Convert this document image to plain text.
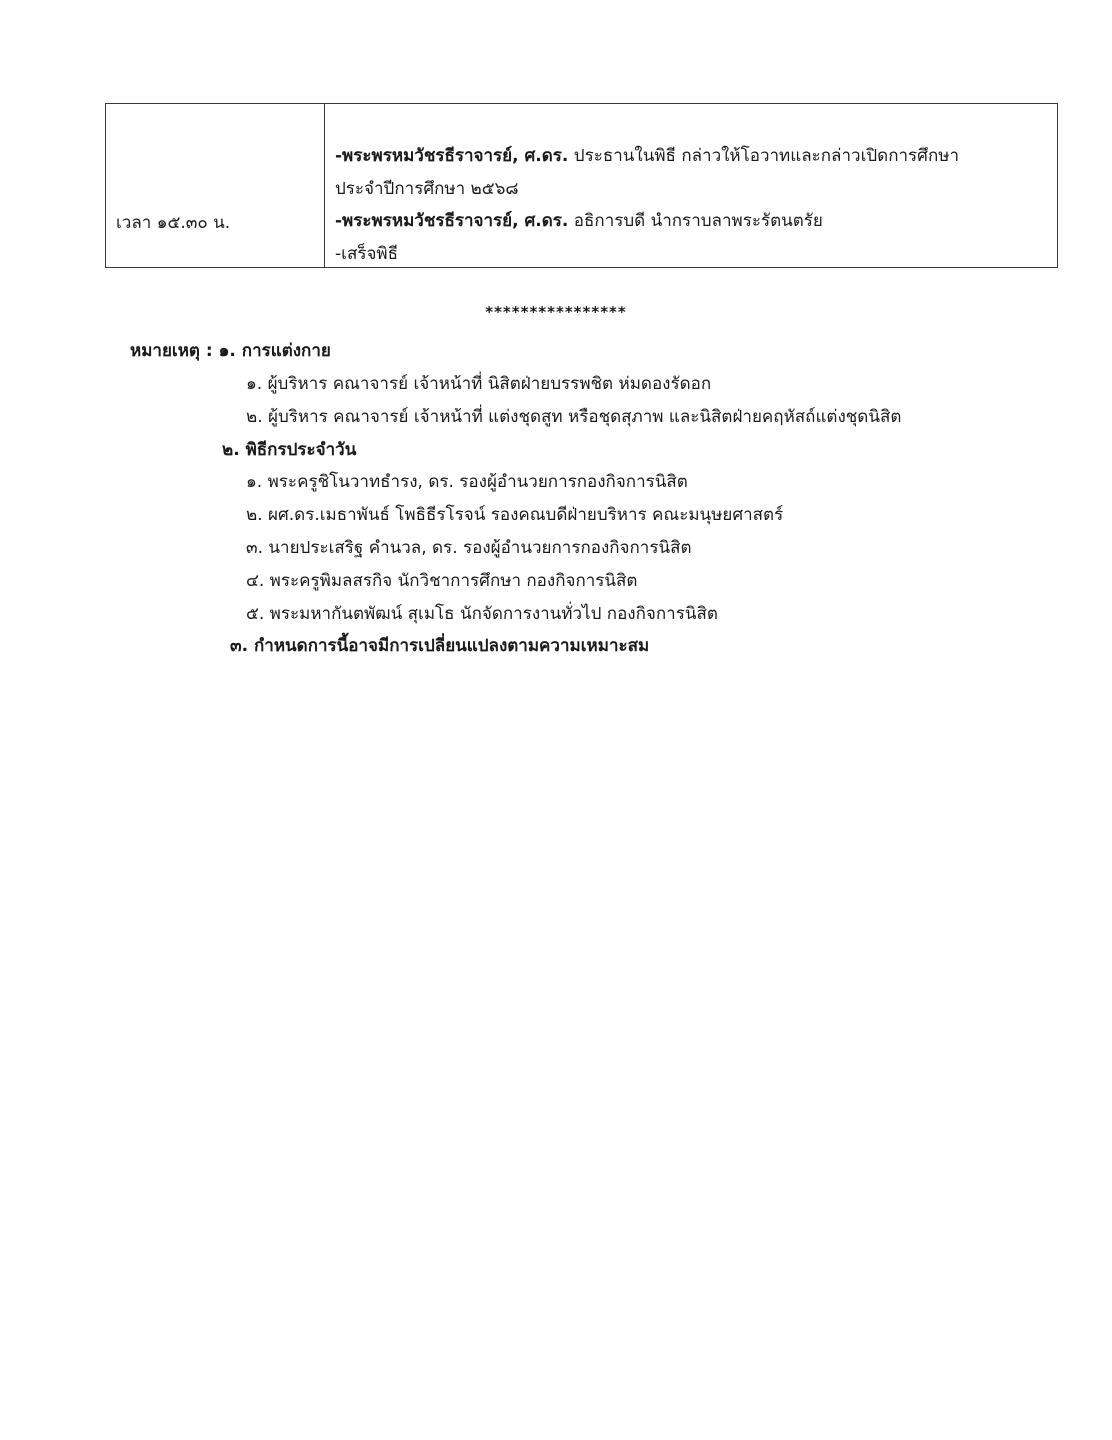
เวลา ๑๕.๓๐ น.
-พระพรหมวัชรธีราจารย์, ศ.ดร. ประธานในพิธี กล่าวให้โอวาทและกล่าวเปิดการศึกษา
ประจำปีการศึกษา ๒๕๖๘
-พระพรหมวัชรธีราจารย์, ศ.ดร. อธิการบดี นำกราบลาพระรัตนตรัย
-เสร็จพิธี
****************
หมายเหตุ : ๑. การแต่งกาย
๑. ผู้บริหาร คณาจารย์ เจ้าหน้าที่ นิสิตฝ่ายบรรพชิต ห่มดองรัดอก
๒. ผู้บริหาร คณาจารย์ เจ้าหน้าที่ แต่งชุดสูท หรือชุดสุภาพ และนิสิตฝ่ายคฤหัสถ์แต่งชุดนิสิต
๒. พิธีกรประจำวัน
๑. พระครูชิโนวาทธำรง, ดร. รองผู้อำนวยการกองกิจการนิสิต
๒. ผศ.ดร.เมธาพันธ์ โพธิธีรโรจน์ รองคณบดีฝ่ายบริหาร คณะมนุษยศาสตร์
๓. นายประเสริฐ คำนวล, ดร. รองผู้อำนวยการกองกิจการนิสิต
๔. พระครูพิมลสรกิจ นักวิชาการศึกษา กองกิจการนิสิต
๕. พระมหากันตพัฒน์ สุเมโธ นักจัดการงานทั่วไป กองกิจการนิสิต
๓. กำหนดการนี้อาจมีการเปลี่ยนแปลงตามความเหมาะสม
